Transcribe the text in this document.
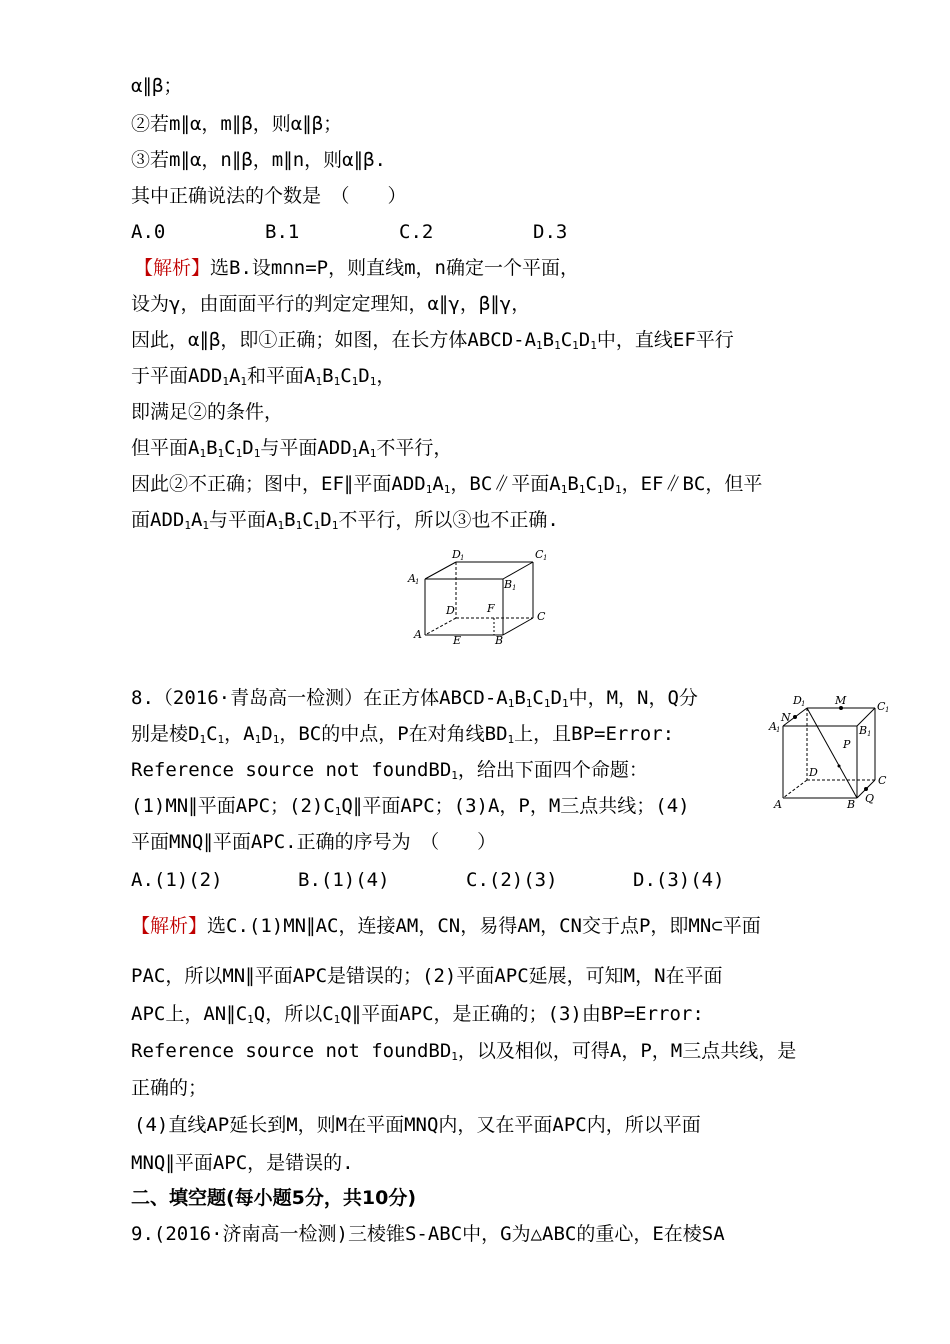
α∥β；
②若m∥α，m∥β，则α∥β；
③若m∥α，n∥β，m∥n，则α∥β.
其中正确说法的个数是　（　　）
A.0	B.1	C.2	D.3
【解析】选B.设m∩n=P，则直线m，n确定一个平面，
设为γ，由面面平行的判定定理知，α∥γ，β∥γ，
因此，α∥β，即①正确；如图，在长方体ABCD-$A_1B_1C_1D_1$中，直线EF平行
于平面$ADD_1A_1$和平面$A_1B_1C_1D_1$，
即满足②的条件，
但平面$A_1B_1C_1D_1$与平面$ADD_1A_1$不平行，
因此②不正确；图中，EF∥平面$ADD_1A_1$，BC∥平面$A_1B_1C_1D_1$，EF∥BC，但平
面$ADD_1A_1$与平面$A_1B_1C_1D_1$不平行，所以③也不正确.
D 1	C 1
A 1	B 1
D	F
C
A	E	B
8.（2016·青岛高一检测）在正方体ABCD-$A_1B_1C_1D_1$中，M，N，Q分
别是棱$D_1C_1$，$A_1D_1$，BC的中点，P在对角线$BD_1$上，且BP=Error:
Reference source not foundBD$_1$，给出下面四个命题：
(1)MN∥平面APC；$(2)C_1Q\parallel$平面APC；(3)A，P，M三点共线；(4)
平面MNQ∥平面APC.正确的序号为　（　　）
A.(1)(2)	B.(1)(4)	C.(2)(3)	D.(3)(4)
D 1	M	C 1
N
A 1
P
B 1
D
C
A	B Q
【解析】选C.(1)MN∥AC，连接AM，CN，易得AM，CN交于点P，即MN⊂平面
PAC，所以MN∥平面APC是错误的；(2)平面APC延展，可知M，N在平面
APC上，$AN\parallel C_1Q$，所以$C_1Q\parallel$平面APC，是正确的；(3)由BP=Error:
Reference source not foundBD$_1$，以及相似，可得A，P，M三点共线，是
正确的；
(4)直线AP延长到M，则M在平面MNQ内，又在平面APC内，所以平面
MNQ∥平面APC，是错误的.
二、填空题(每小题5分，共10分)
9.(2016·济南高一检测)三棱锥S-ABC中，G为△ABC的重心，E在棱SA
